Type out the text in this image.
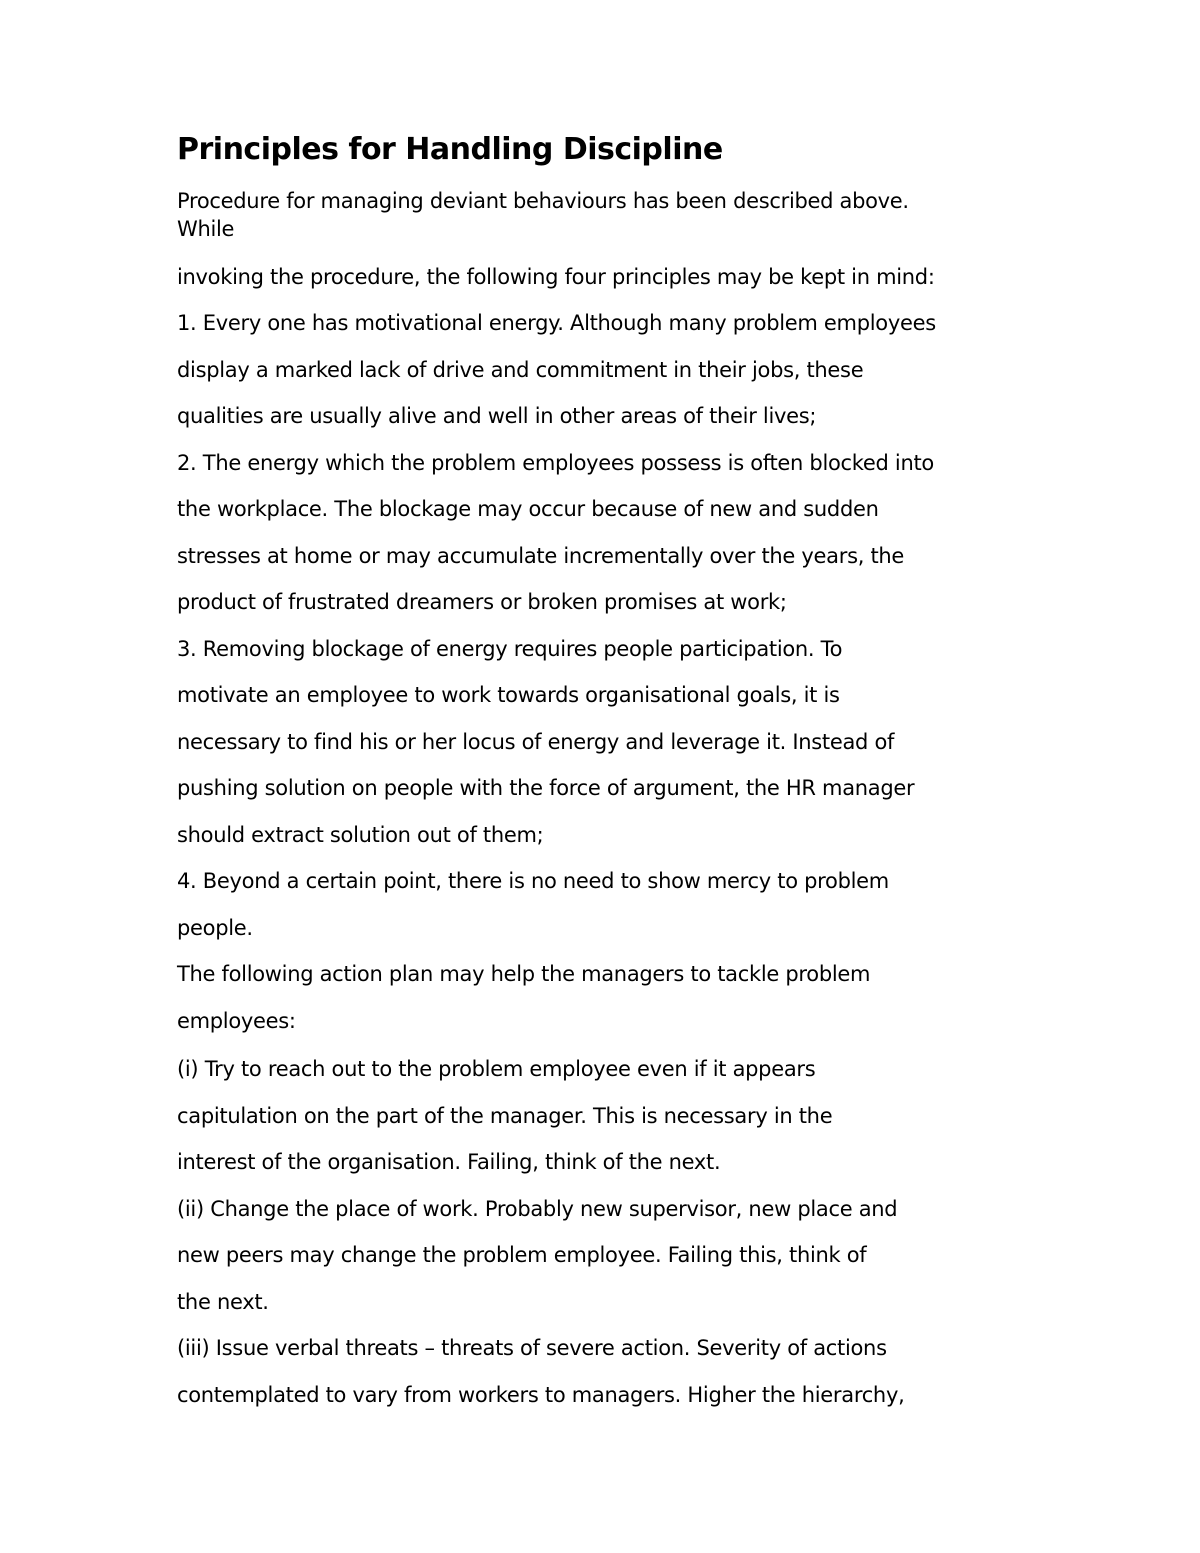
Principles for Handling Discipline

Procedure for managing deviant behaviours has been described above.

While

invoking the procedure, the following four principles may be kept in mind:

1. Every one has motivational energy. Although many problem employees

display a marked lack of drive and commitment in their jobs, these

qualities are usually alive and well in other areas of their lives;

2. The energy which the problem employees possess is often blocked into

the workplace. The blockage may occur because of new and sudden

stresses at home or may accumulate incrementally over the years, the

product of frustrated dreamers or broken promises at work;

3. Removing blockage of energy requires people participation. To

motivate an employee to work towards organisational goals, it is

necessary to find his or her locus of energy and leverage it. Instead of

pushing solution on people with the force of argument, the HR manager

should extract solution out of them;

4. Beyond a certain point, there is no need to show mercy to problem

people.

The following action plan may help the managers to tackle problem

employees:

(i) Try to reach out to the problem employee even if it appears

capitulation on the part of the manager. This is necessary in the

interest of the organisation. Failing, think of the next.

(ii) Change the place of work. Probably new supervisor, new place and

new peers may change the problem employee. Failing this, think of

the next.

(iii) Issue verbal threats – threats of severe action. Severity of actions

contemplated to vary from workers to managers. Higher the hierarchy,
